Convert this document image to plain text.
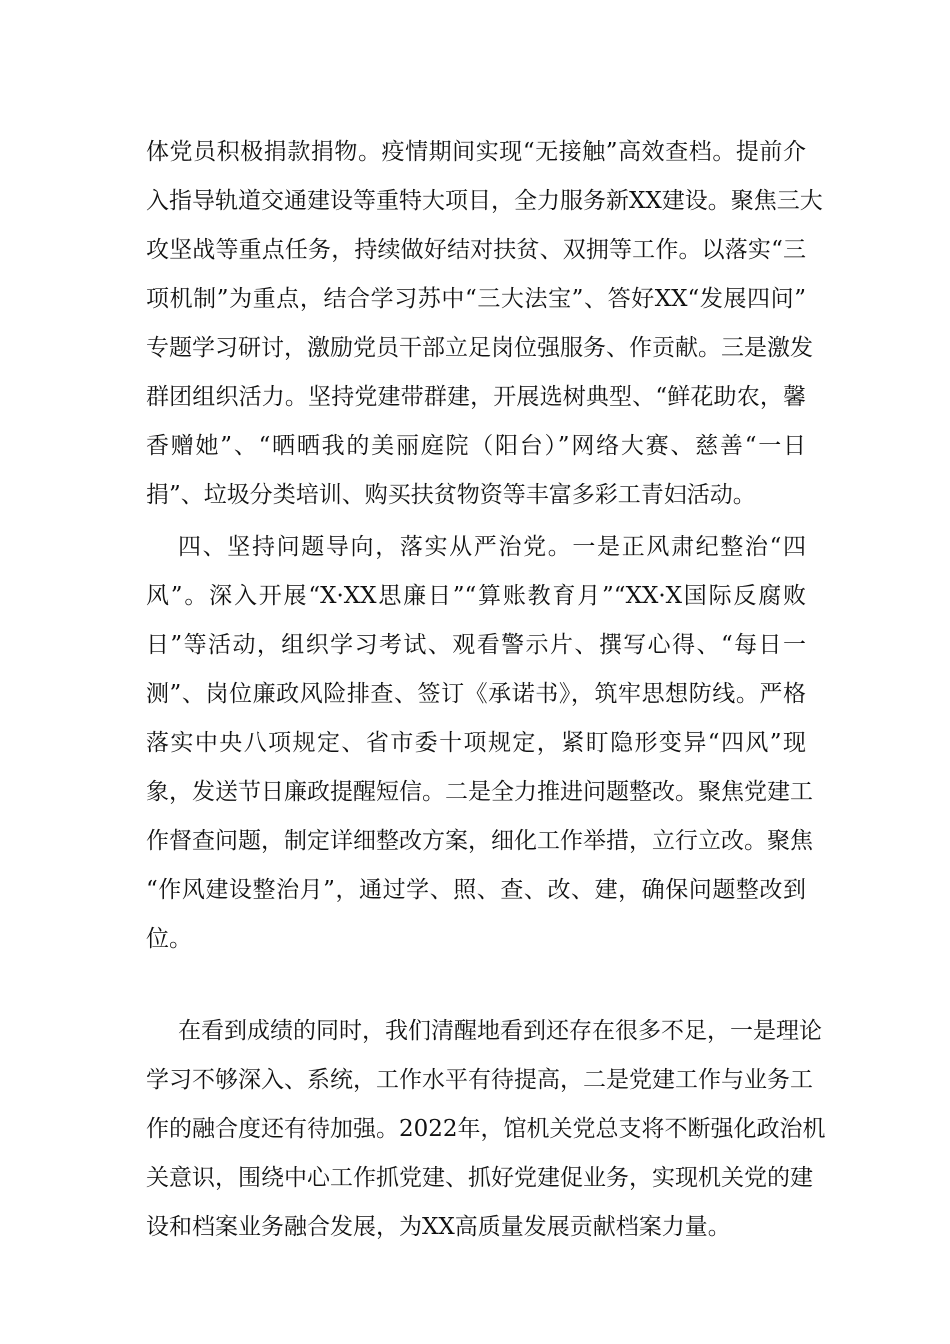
体党员积极捐款捐物。疫情期间实现“无接触”高效查档。提前介
入指导轨道交通建设等重特大项目，全力服务新XX建设。聚焦三大
攻坚战等重点任务，持续做好结对扶贫、双拥等工作。以落实“三
项机制”为重点，结合学习苏中“三大法宝”、答好XX“发展四问”
专题学习研讨，激励党员干部立足岗位强服务、作贡献。三是激发
群团组织活力。坚持党建带群建，开展选树典型、“鲜花助农，馨
香赠她”、“晒晒我的美丽庭院（阳台）”网络大赛、慈善“一日
捐”、垃圾分类培训、购买扶贫物资等丰富多彩工青妇活动。
四、坚持问题导向，落实从严治党。一是正风肃纪整治“四
风”。深入开展“X·XX思廉日”“算账教育月”“XX·X国际反腐败
日”等活动，组织学习考试、观看警示片、撰写心得、“每日一
测”、岗位廉政风险排查、签订《承诺书》，筑牢思想防线。严格
落实中央八项规定、省市委十项规定，紧盯隐形变异“四风”现
象，发送节日廉政提醒短信。二是全力推进问题整改。聚焦党建工
作督查问题，制定详细整改方案，细化工作举措，立行立改。聚焦
“作风建设整治月”，通过学、照、查、改、建，确保问题整改到
位。
在看到成绩的同时，我们清醒地看到还存在很多不足，一是理论
学习不够深入、系统，工作水平有待提高，二是党建工作与业务工
作的融合度还有待加强。2022年，馆机关党总支将不断强化政治机
关意识，围绕中心工作抓党建、抓好党建促业务，实现机关党的建
设和档案业务融合发展，为XX高质量发展贡献档案力量。
